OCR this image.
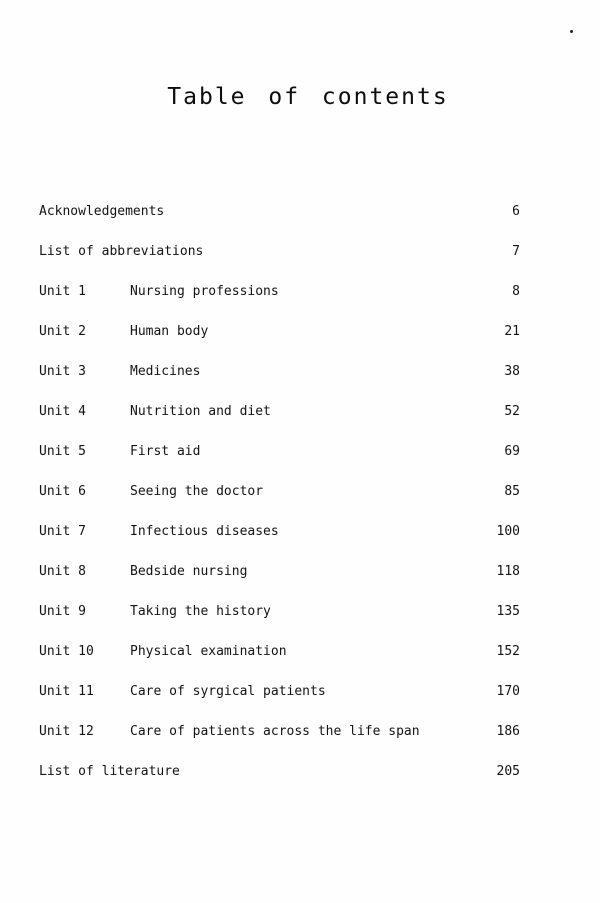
Table of contents
Acknowledgements	6
List of abbreviations	7
Unit 1	Nursing professions	8
Unit 2	Human body	21
Unit 3	Medicines	38
Unit 4	Nutrition and diet	52
Unit 5	First aid	69
Unit 6	Seeing the doctor	85
Unit 7	Infectious diseases	100
Unit 8	Bedside nursing	118
Unit 9	Taking the history	135
Unit 10	Physical examination	152
Unit 11	Care of sуrgical patients	170
Unit 12	Care of patients across the life span	186
List of literature	205
